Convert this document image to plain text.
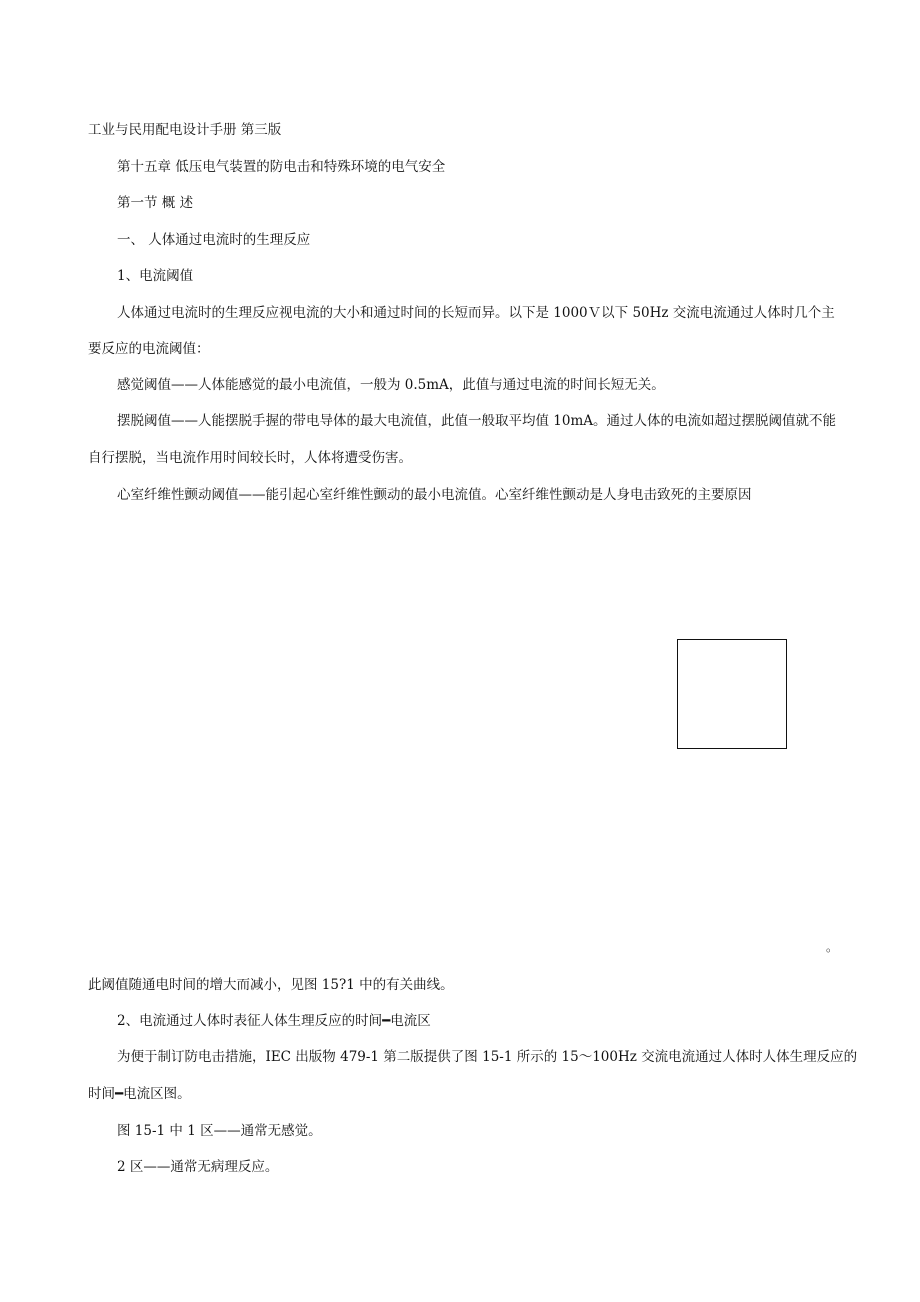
工业与民用配电设计手册 第三版
第十五章 低压电气装置的防电击和特殊环境的电气安全
第一节 概 述
一、 人体通过电流时的生理反应
1、电流阈值
人体通过电流时的生理反应视电流的大小和通过时间的长短而异。以下是 1000Ｖ以下 50Hz 交流电流通过人体时几个主
要反应的电流阈值：
感觉阈值——人体能感觉的最小电流值，一般为 0.5mA，此值与通过电流的时间长短无关。
摆脱阈值——人能摆脱手握的带电导体的最大电流值，此值一般取平均值 10mA。通过人体的电流如超过摆脱阈值就不能
自行摆脱，当电流作用时间较长时，人体将遭受伤害。
心室纤维性颤动阈值——能引起心室纤维性颤动的最小电流值。心室纤维性颤动是人身电击致死的主要原因
。
此阈值随通电时间的增大而减小，见图 15?1 中的有关曲线。
2、电流通过人体时表征人体生理反应的时间━电流区
为便于制订防电击措施，IEC 出版物 479-1 第二版提供了图 15-1 所示的 15～100Hz 交流电流通过人体时人体生理反应的
时间━电流区图。
图 15-1 中 1 区——通常无感觉。
2 区——通常无病理反应。
